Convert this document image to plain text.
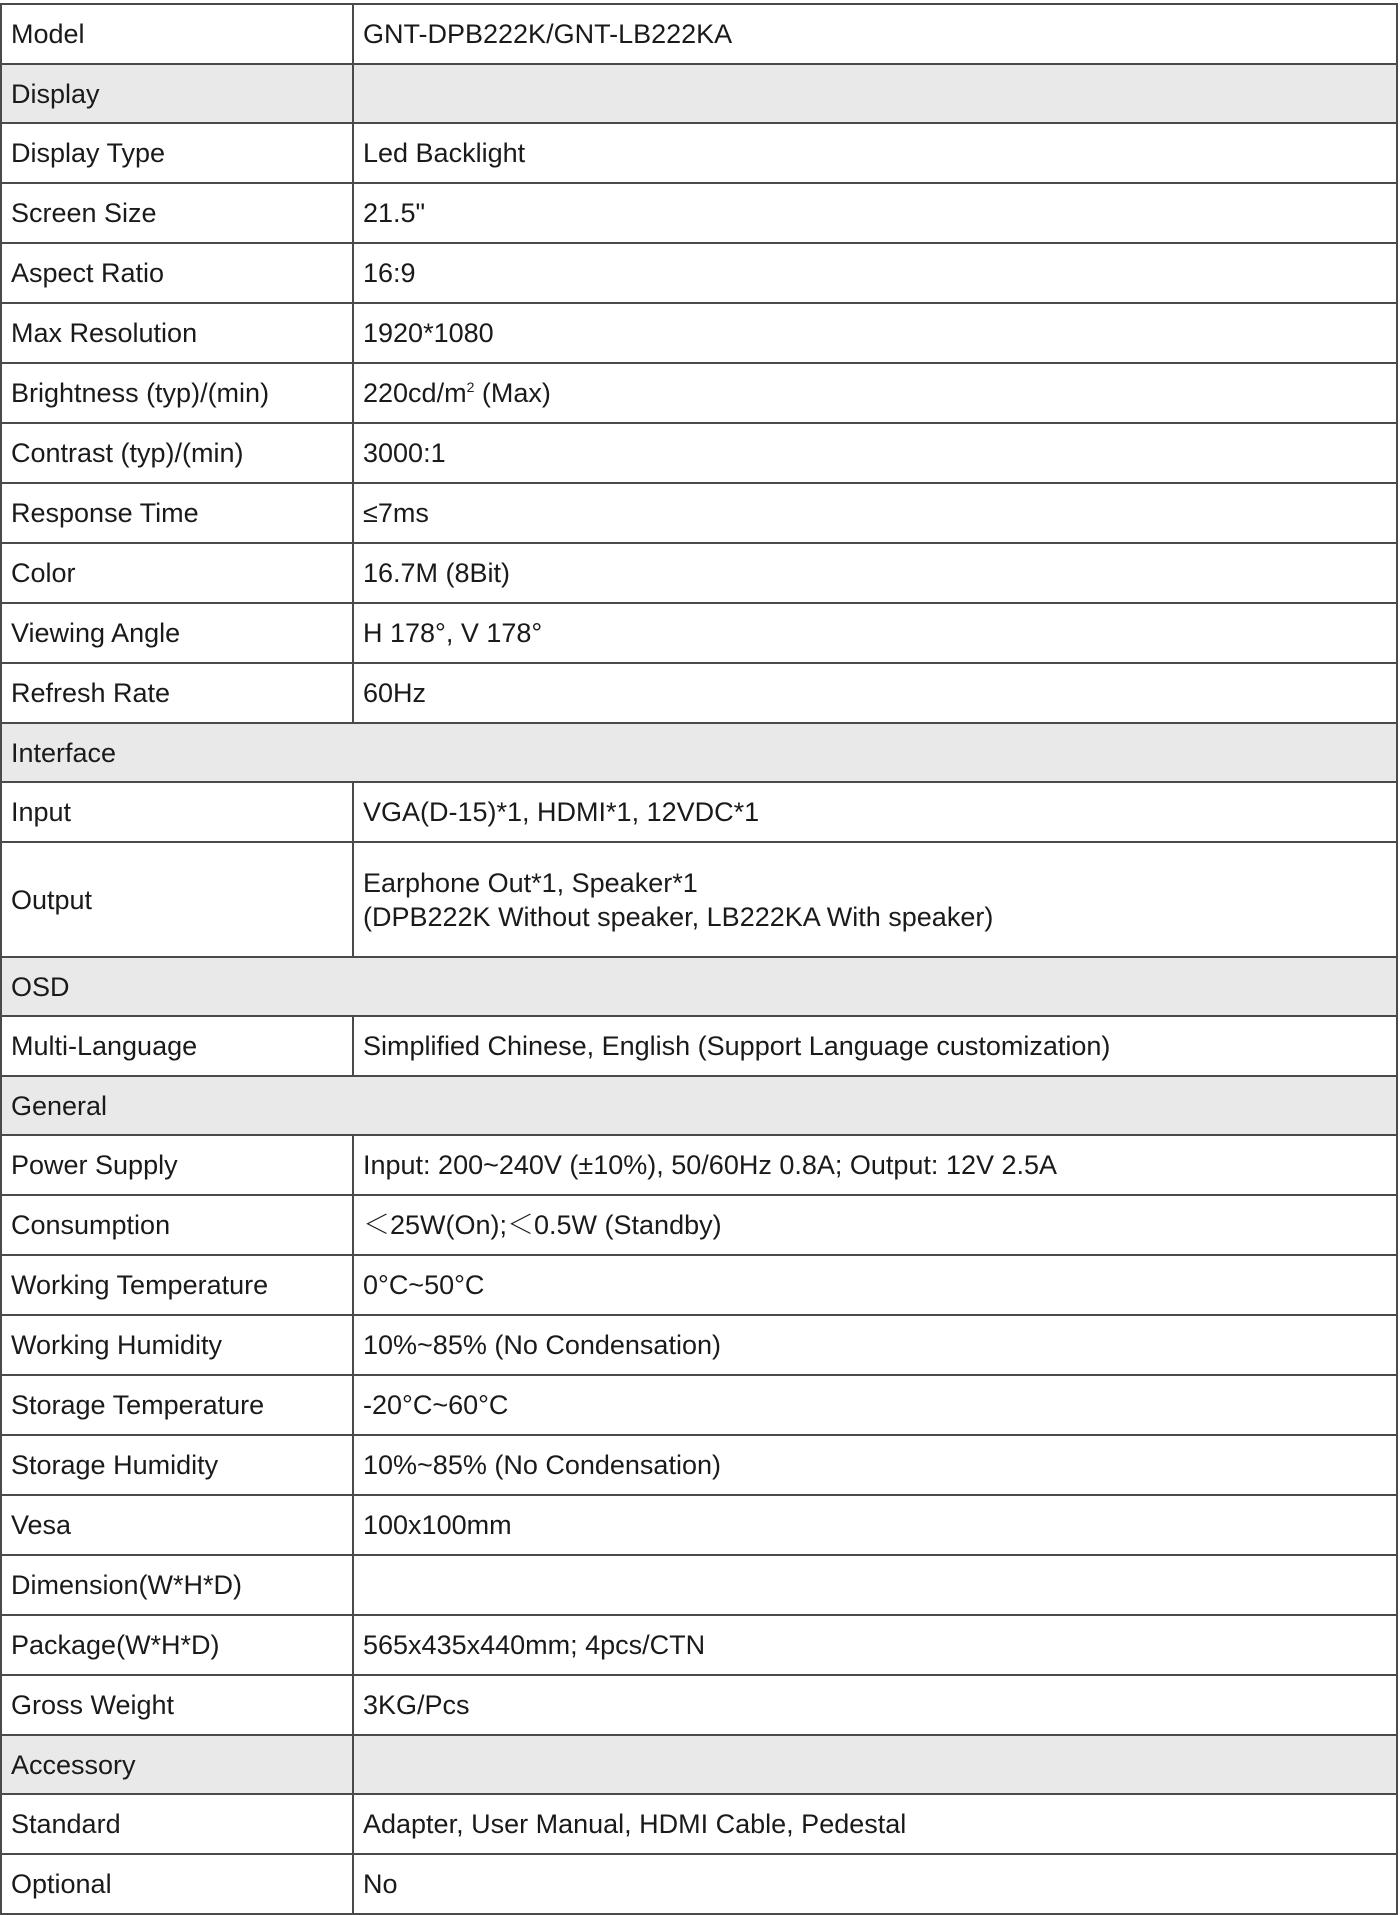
Model	GNT-DPB222K/GNT-LB222KA
Display	
Display Type	Led Backlight
Screen Size	21.5"
Aspect Ratio	16:9
Max Resolution	1920*1080
Brightness (typ)/(min)	$220cd/m^2$ (Max)
Contrast (typ)/(min)	3000:1
Response Time	≤7ms
Color	16.7M (8Bit)
Viewing Angle	H 178°, V 178°
Refresh Rate	60Hz
Interface	
Input	VGA(D-15)*1, HDMI*1, 12VDC*1
Output	Earphone Out*1, Speaker*1
(DPB222K Without speaker, LB222KA With speaker)

OSD	
Multi-Language	Simplified Chinese, English (Support Language customization)
General	
Power Supply	Input: 200~240V (±10%), 50/60Hz 0.8A; Output: 12V 2.5A
Consumption	＜25W(On);＜0.5W (Standby)
Working Temperature	0°C~50°C
Working Humidity	10%~85% (No Condensation)
Storage Temperature	-20°C~60°C
Storage Humidity	10%~85% (No Condensation)
Vesa	100x100mm
Dimension(W*H*D)	
Package(W*H*D)	565x435x440mm; 4pcs/CTN
Gross Weight	3KG/Pcs
Accessory	
Standard	Adapter, User Manual, HDMI Cable, Pedestal
Optional	No
